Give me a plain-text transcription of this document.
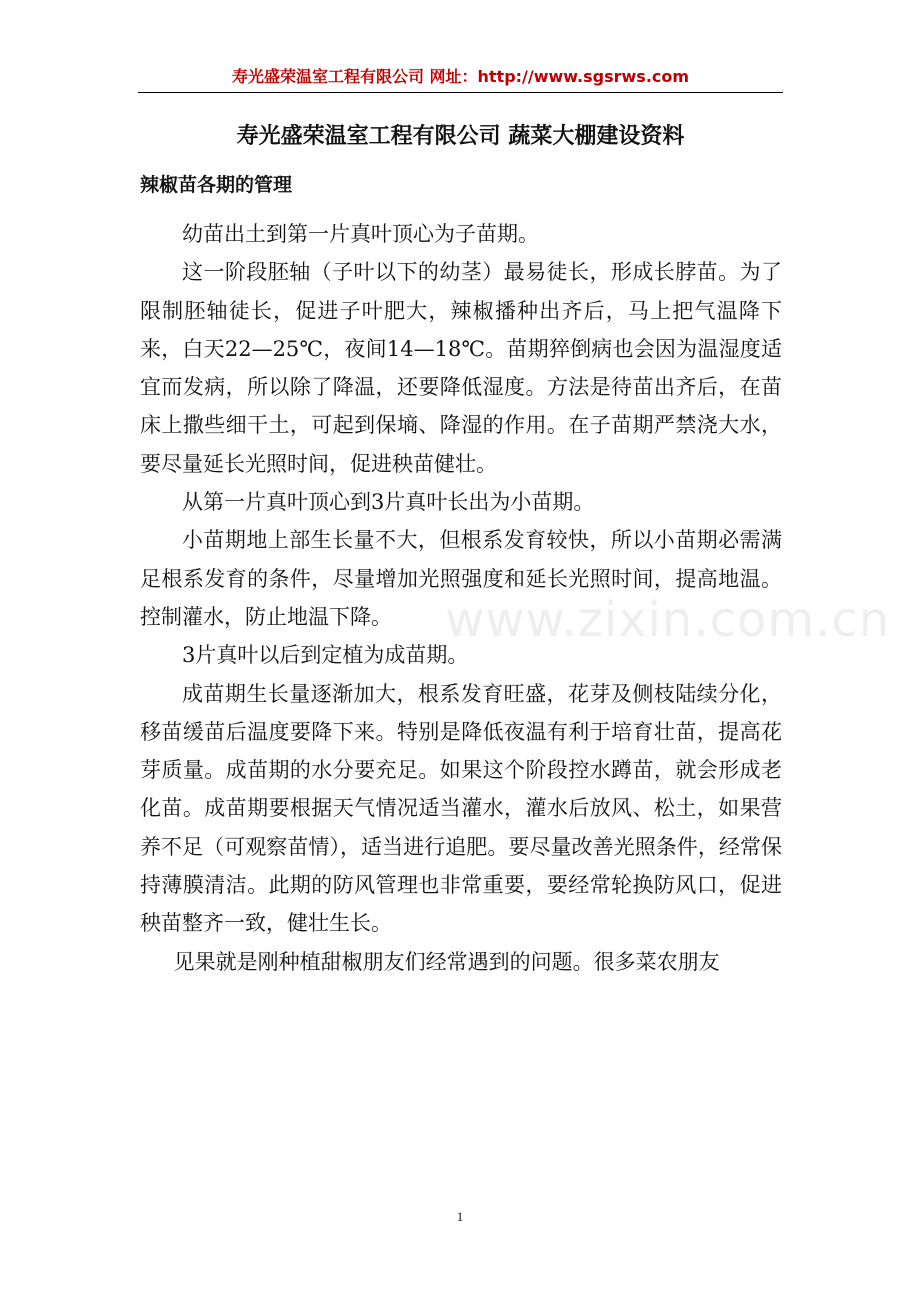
寿光盛荣温室工程有限公司 网址：http://www.sgsrws.com
寿光盛荣温室工程有限公司 蔬菜大棚建设资料
辣椒苗各期的管理

幼苗出土到第一片真叶顶心为子苗期。

这一阶段胚轴（子叶以下的幼茎）最易徒长，形成长脖苗。为了限制胚轴徒长，促进子叶肥大，辣椒播种出齐后，马上把气温降下来，白天22—25℃，夜间14—18℃。苗期猝倒病也会因为温湿度适宜而发病，所以除了降温，还要降低湿度。方法是待苗出齐后，在苗床上撒些细干土，可起到保墒、降湿的作用。在子苗期严禁浇大水，要尽量延长光照时间，促进秧苗健壮。

从第一片真叶顶心到3片真叶长出为小苗期。

小苗期地上部生长量不大，但根系发育较快，所以小苗期必需满足根系发育的条件，尽量增加光照强度和延长光照时间，提高地温。控制灌水，防止地温下降。

3片真叶以后到定植为成苗期。

成苗期生长量逐渐加大，根系发育旺盛，花芽及侧枝陆续分化，移苗缓苗后温度要降下来。特别是降低夜温有利于培育壮苗，提高花芽质量。成苗期的水分要充足。如果这个阶段控水蹲苗，就会形成老化苗。成苗期要根据天气情况适当灌水，灌水后放风、松土，如果营养不足（可观察苗情），适当进行追肥。要尽量改善光照条件，经常保持薄膜清洁。此期的防风管理也非常重要，要经常轮换防风口，促进秧苗整齐一致，健壮生长。

见果就是刚种植甜椒朋友们经常遇到的问题。很多菜农朋友

www.zixin.com.cn
1
